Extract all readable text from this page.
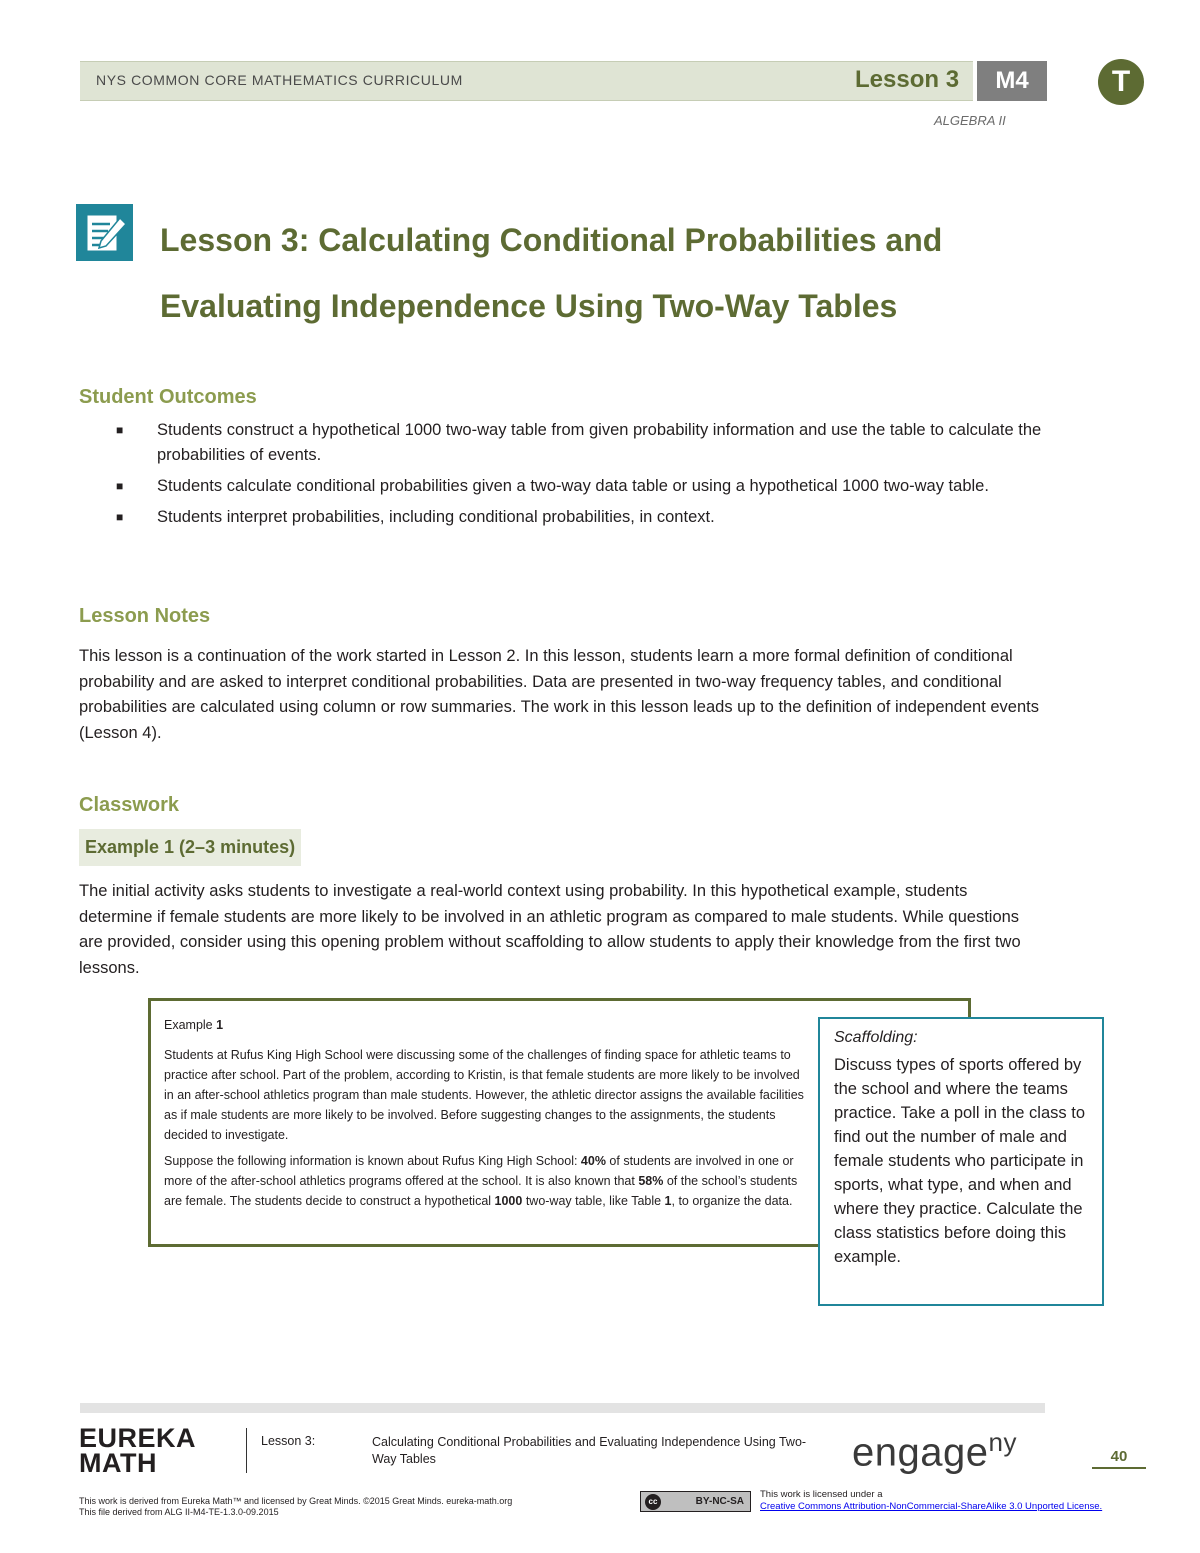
NYS COMMON CORE MATHEMATICS CURRICULUM	Lesson 3	M4	T
ALGEBRA II
Lesson 3: Calculating Conditional Probabilities and
Evaluating Independence Using Two-Way Tables
Student Outcomes
■ Students construct a hypothetical 1000 two-way table from given probability information and use the table to calculate the probabilities of events.
■ Students calculate conditional probabilities given a two-way data table or using a hypothetical 1000 two-way table.
■ Students interpret probabilities, including conditional probabilities, in context.
Lesson Notes
This lesson is a continuation of the work started in Lesson 2. In this lesson, students learn a more formal definition of conditional probability and are asked to interpret conditional probabilities. Data are presented in two-way frequency tables, and conditional probabilities are calculated using column or row summaries. The work in this lesson leads up to the definition of independent events (Lesson 4).
Classwork
Example 1 (2–3 minutes)
The initial activity asks students to investigate a real-world context using probability. In this hypothetical example, students determine if female students are more likely to be involved in an athletic program as compared to male students. While questions are provided, consider using this opening problem without scaffolding to allow students to apply their knowledge from the first two lessons.

Example 1

Students at Rufus King High School were discussing some of the challenges of finding space for athletic teams to practice after school. Part of the problem, according to Kristin, is that female students are more likely to be involved in an after-school athletics program than male students. However, the athletic director assigns the available facilities as if male students are more likely to be involved. Before suggesting changes to the assignments, the students decided to investigate.

Suppose the following information is known about Rufus King High School: 40% of students are involved in one or more of the after-school athletics programs offered at the school. It is also known that 58% of the school’s students are female. The students decide to construct a hypothetical 1000 two-way table, like Table 1, to organize the data.

Scaffolding:
Discuss types of sports offered by the school and where the teams practice. Take a poll in the class to find out the number of male and female students who participate in sports, what type, and when and where they practice. Calculate the class statistics before doing this example.
EUREKA
MATH
Lesson 3:	Calculating Conditional Probabilities and Evaluating Independence Using Two-Way Tables	engage$^{ny}$	40
This work is derived from Eureka Math™ and licensed by Great Minds. ©2015 Great Minds. eureka-math.org
This file derived from ALG II-M4-TE-1.3.0-09.2015
cc	BY-NC-SA
This work is licensed under a
Creative Commons Attribution-NonCommercial-ShareAlike 3.0 Unported License.
